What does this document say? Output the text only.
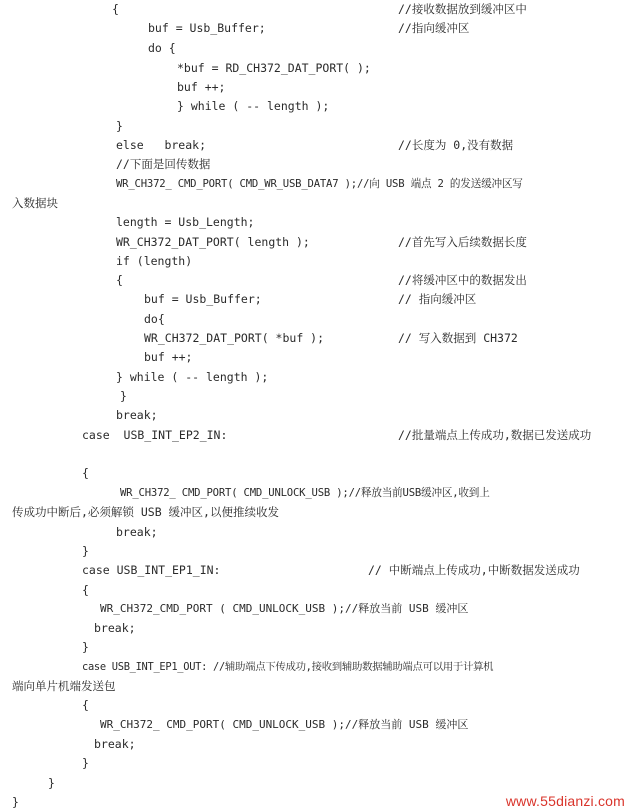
{
buf = Usb_Buffer;
do {
*buf = RD_CH372_DAT_PORT( );
buf ++;
} while ( -- length );
}
else   break;
//下面是回传数据
WR_CH372_ CMD_PORT( CMD_WR_USB_DATA7 );//向 USB 端点 2 的发送缓冲区写
入数据块
length = Usb_Length;
WR_CH372_DAT_PORT( length );
if (length)
{
buf = Usb_Buffer;
do{
WR_CH372_DAT_PORT( *buf );
buf ++;
} while ( -- length );
}
break;
case  USB_INT_EP2_IN:
{
WR_CH372_ CMD_PORT( CMD_UNLOCK_USB );//释放当前USB缓冲区,收到上
传成功中断后,必须解锁 USB 缓冲区,以便推续收发
break;
}
case USB_INT_EP1_IN:
{
WR_CH372_CMD_PORT ( CMD_UNLOCK_USB );//释放当前 USB 缓冲区
break;
}
case USB_INT_EP1_OUT: //辅助端点下传成功,接收到辅助数据辅助端点可以用于计算机
端向单片机端发送包
{
WR_CH372_ CMD_PORT( CMD_UNLOCK_USB );//释放当前 USB 缓冲区
break;
}
}
}
//接收数据放到缓冲区中
//指向缓冲区
//长度为 0,没有数据
//首先写入后续数据长度
//将缓冲区中的数据发出
// 指向缓冲区
// 写入数据到 CH372
//批量端点上传成功,数据已发送成功
// 中断端点上传成功,中断数据发送成功
www.55dianzi.com
